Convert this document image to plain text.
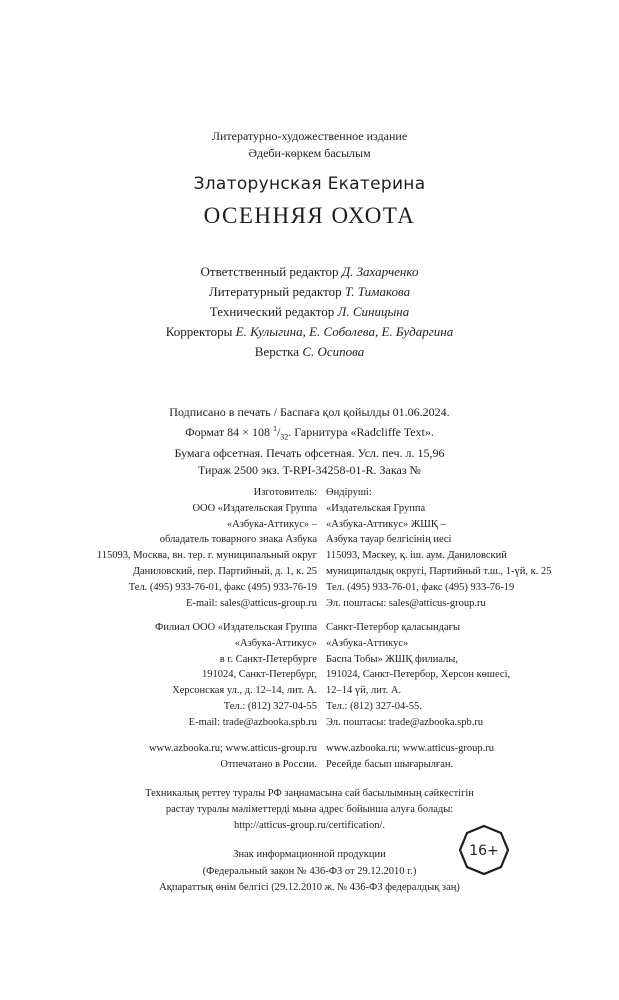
Литературно-художественное издание
Әдеби-көркем басылым
Златорунская Екатерина
ОСЕННЯЯ ОХОТА
Ответственный редактор Д. Захарченко
Литературный редактор Т. Тимакова
Технический редактор Л. Синицына
Корректоры Е. Кулыгина, Е. Соболева, Е. Бударгина
Верстка С. Осипова
Подписано в печать / Баспаға қол қойылды 01.06.2024.
Формат 84 × 108 $^1/_{32}$. Гарнитура «Radcliffe Text».
Бумага офсетная. Печать офсетная. Усл. печ. л. 15,96
Тираж 2500 экз. T-RPI-34258-01-R. Заказ №
Изготовитель:
ООО «Издательская Группа
«Азбука-Аттикус» –
обладатель товарного знака Азбука
115093, Москва, вн. тер. г. муниципальный округ
Даниловский, пер. Партийный, д. 1, к. 25
Тел. (495) 933-76-01, факс (495) 933-76-19
E-mail: sales@atticus-group.ru
Өндіруші:
«Издательская Группа
«Азбука-Аттикус» ЖШҚ –
Азбука тауар белгісінің иесі
115093, Мәскеу, қ. іш. аум. Даниловский
муниципалдық округі, Партийный т.ш., 1-үй, к. 25
Тел. (495) 933-76-01, факс (495) 933-76-19
Эл. поштасы: sales@atticus-group.ru
Филиал ООО «Издательская Группа
«Азбука-Аттикус»
в г. Санкт-Петербурге
191024, Санкт-Петербург,
Херсонская ул., д. 12–14, лит. А.
Тел.: (812) 327-04-55
E-mail: trade@azbooka.spb.ru
Санкт-Петербор қаласындағы
«Азбука-Аттикус»
Баспа Тобы» ЖШҚ филиалы,
191024, Санкт-Петербор, Херсон көшесі,
12–14 үй, лит. А.
Тел.: (812) 327-04-55.
Эл. поштасы: trade@azbooka.spb.ru
www.azbooka.ru; www.atticus-group.ru
Отпечатано в России.
www.azbooka.ru; www.atticus-group.ru
Ресейде басып шығарылған.
Техникалық реттеу туралы РФ заңнамасына сай басылымның сәйкестігін
растау туралы мәліметтерді мына адрес бойынша алуға болады:
http://atticus-group.ru/certification/.
Знак информационной продукции
(Федеральный закон № 436-ФЗ от 29.12.2010 г.)
Ақпараттық өнім белгісі (29.12.2010 ж. № 436-ФЗ федералдық заң)
16+
